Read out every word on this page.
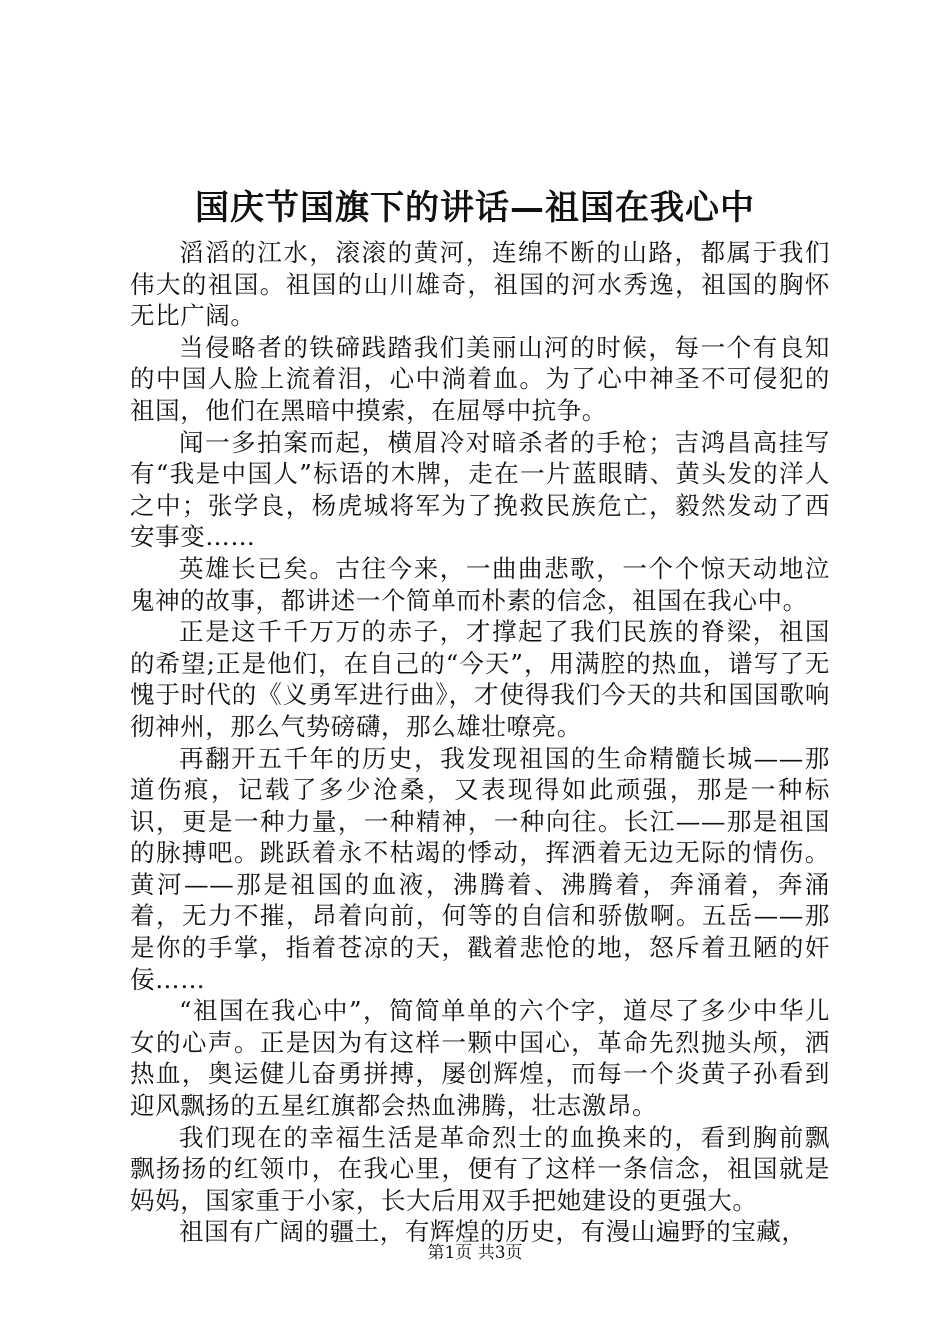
国庆节国旗下的讲话—祖国在我心中

滔滔的江水，滚滚的黄河，连绵不断的山路，都属于我们伟大的祖国。祖国的山川雄奇，祖国的河水秀逸，祖国的胸怀无比广阔。

当侵略者的铁碲践踏我们美丽山河的时候，每一个有良知的中国人脸上流着泪，心中淌着血。为了心中神圣不可侵犯的祖国，他们在黑暗中摸索，在屈辱中抗争。

闻一多拍案而起，横眉冷对暗杀者的手枪；吉鸿昌高挂写有“我是中国人”标语的木牌，走在一片蓝眼睛、黄头发的洋人之中；张学良，杨虎城将军为了挽救民族危亡，毅然发动了西安事变……

英雄长已矣。古往今来，一曲曲悲歌，一个个惊天动地泣鬼神的故事，都讲述一个简单而朴素的信念，祖国在我心中。

正是这千千万万的赤子，才撑起了我们民族的脊梁，祖国的希望;正是他们，在自己的“今天”，用满腔的热血，谱写了无愧于时代的《义勇军进行曲》，才使得我们今天的共和国国歌响彻神州，那么气势磅礴，那么雄壮嘹亮。

再翻开五千年的历史，我发现祖国的生命精髓长城——那道伤痕，记载了多少沧桑，又表现得如此顽强，那是一种标识，更是一种力量，一种精神，一种向往。长江——那是祖国的脉搏吧。跳跃着永不枯竭的悸动，挥洒着无边无际的情伤。黄河——那是祖国的血液，沸腾着、沸腾着，奔涌着，奔涌着，无力不摧，昂着向前，何等的自信和骄傲啊。五岳——那是你的手掌，指着苍凉的天，戳着悲怆的地，怒斥着丑陋的奸佞……

“祖国在我心中”，简简单单的六个字，道尽了多少中华儿女的心声。正是因为有这样一颗中国心，革命先烈抛头颅，洒热血，奥运健儿奋勇拼搏，屡创辉煌，而每一个炎黄子孙看到迎风飘扬的五星红旗都会热血沸腾，壮志激昂。

我们现在的幸福生活是革命烈士的血换来的，看到胸前飘飘扬扬的红领巾，在我心里，便有了这样一条信念，祖国就是妈妈，国家重于小家，长大后用双手把她建设的更强大。

祖国有广阔的疆土，有辉煌的历史，有漫山遍野的宝藏，

第1页 共3页
